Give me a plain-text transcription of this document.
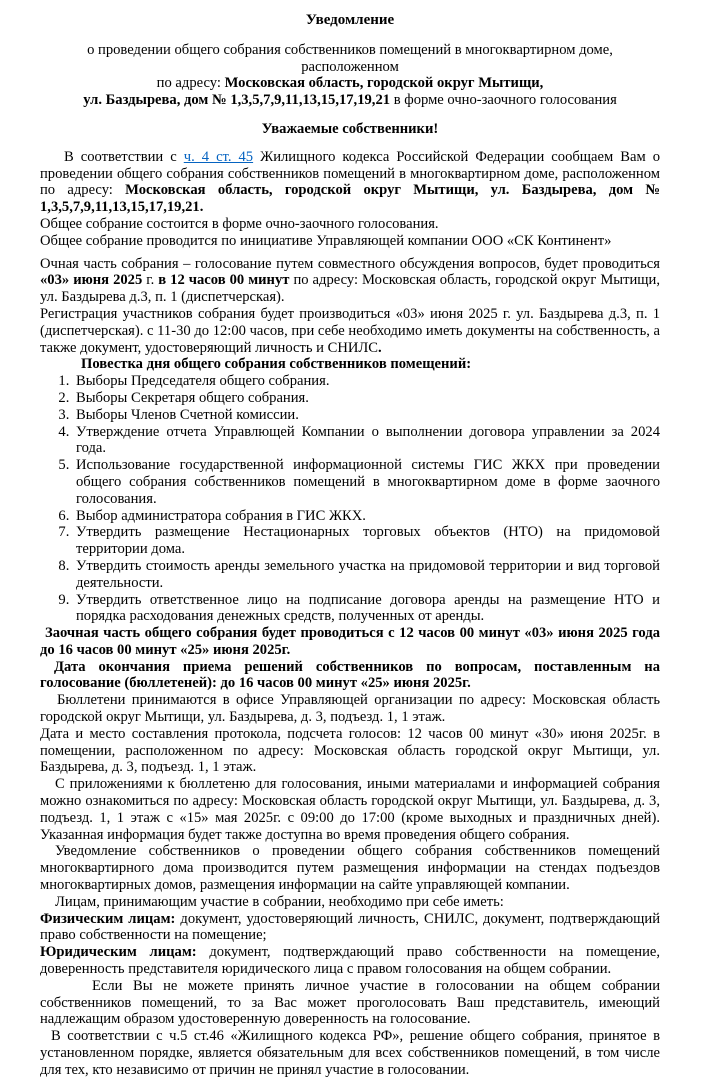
Уведомление

о проведении общего собрания собственников помещений в многоквартирном доме, расположенном
по адресу: Московская область, городской округ Мытищи,
ул. Баздырева, дом № 1,3,5,7,9,11,13,15,17,19,21 в форме очно-заочного голосования

Уважаемые собственники!

В соответствии с ч. 4 ст. 45 Жилищного кодекса Российской Федерации сообщаем Вам о проведении общего собрания собственников помещений в многоквартирном доме, расположенном по адресу: Московская область, городской округ Мытищи, ул. Баздырева, дом № 1,3,5,7,9,11,13,15,17,19,21.

Общее собрание состоится в форме очно-заочного голосования.

Общее собрание проводится по инициативе Управляющей компании ООО «СК Континент»

Очная часть собрания – голосование путем совместного обсуждения вопросов, будет проводиться «03» июня 2025 г. в 12 часов 00 минут по адресу: Московская область, городской округ Мытищи, ул. Баздырева д.3, п. 1 (диспетчерская).

Регистрация участников собрания будет производиться «03» июня 2025 г. ул. Баздырева д.3, п. 1 (диспетчерская). с 11-30 до 12:00 часов, при себе необходимо иметь документы на собственность, а также документ, удостоверяющий личность и СНИЛС.

Повестка дня общего собрания собственников помещений:

1. Выборы Председателя общего собрания.
2. Выборы Секретаря общего собрания.
3. Выборы Членов Счетной комиссии.
4. Утверждение отчета Управлющей Компании о выполнении договора управлении за 2024 года.
5. Использование государственной информационной системы ГИС ЖКХ при проведении общего собрания собственников помещений в многоквартирном доме в форме заочного голосования.
6. Выбор администратора собрания в ГИС ЖКХ.
7. Утвердить размещение Нестационарных торговых объектов (НТО) на придомовой территории дома.
8. Утвердить стоимость аренды земельного участка на придомовой территории и вид торговой деятельности.
9. Утвердить ответственное лицо на подписание договора аренды на размещение НТО и порядка расходования денежных средств, полученных от аренды.

Заочная часть общего собрания будет проводиться с 12 часов 00 минут «03» июня 2025 года до 16 часов 00 минут «25» июня 2025г.

Дата окончания приема решений собственников по вопросам, поставленным на голосование (бюллетеней): до 16 часов 00 минут «25» июня 2025г.

Бюллетени принимаются в офисе Управляющей организации по адресу: Московская область городской округ Мытищи, ул. Баздырева, д. 3, подъезд. 1, 1 этаж.

Дата и место составления протокола, подсчета голосов: 12 часов 00 минут «30» июня 2025г. в помещении, расположенном по адресу: Московская область городской округ Мытищи, ул. Баздырева, д. 3, подъезд. 1, 1 этаж.

С приложениями к бюллетеню для голосования, иными материалами и информацией собрания можно ознакомиться по адресу: Московская область городской округ Мытищи, ул. Баздырева, д. 3, подъезд. 1, 1 этаж с «15» мая 2025г. с 09:00 до 17:00 (кроме выходных и праздничных дней). Указанная информация будет также доступна во время проведения общего собрания.

Уведомление собственников о проведении общего собрания собственников помещений многоквартирного дома производится путем размещения информации на стендах подъездов многоквартирных домов, размещения информации на сайте управляющей компании.

Лицам, принимающим участие в собрании, необходимо при себе иметь:

Физическим лицам: документ, удостоверяющий личность, СНИЛС, документ, подтверждающий право собственности на помещение;

Юридическим лицам: документ, подтверждающий право собственности на помещение, доверенность представителя юридического лица с правом голосования на общем собрании.

Если Вы не можете принять личное участие в голосовании на общем собрании собственников помещений, то за Вас может проголосовать Ваш представитель, имеющий надлежащим образом удостоверенную доверенность на голосование.

В соответствии с ч.5 ст.46 «Жилищного кодекса РФ», решение общего собрания, принятое в установленном порядке, является обязательным для всех собственников помещений, в том числе для тех, кто независимо от причин не принял участие в голосовании.
